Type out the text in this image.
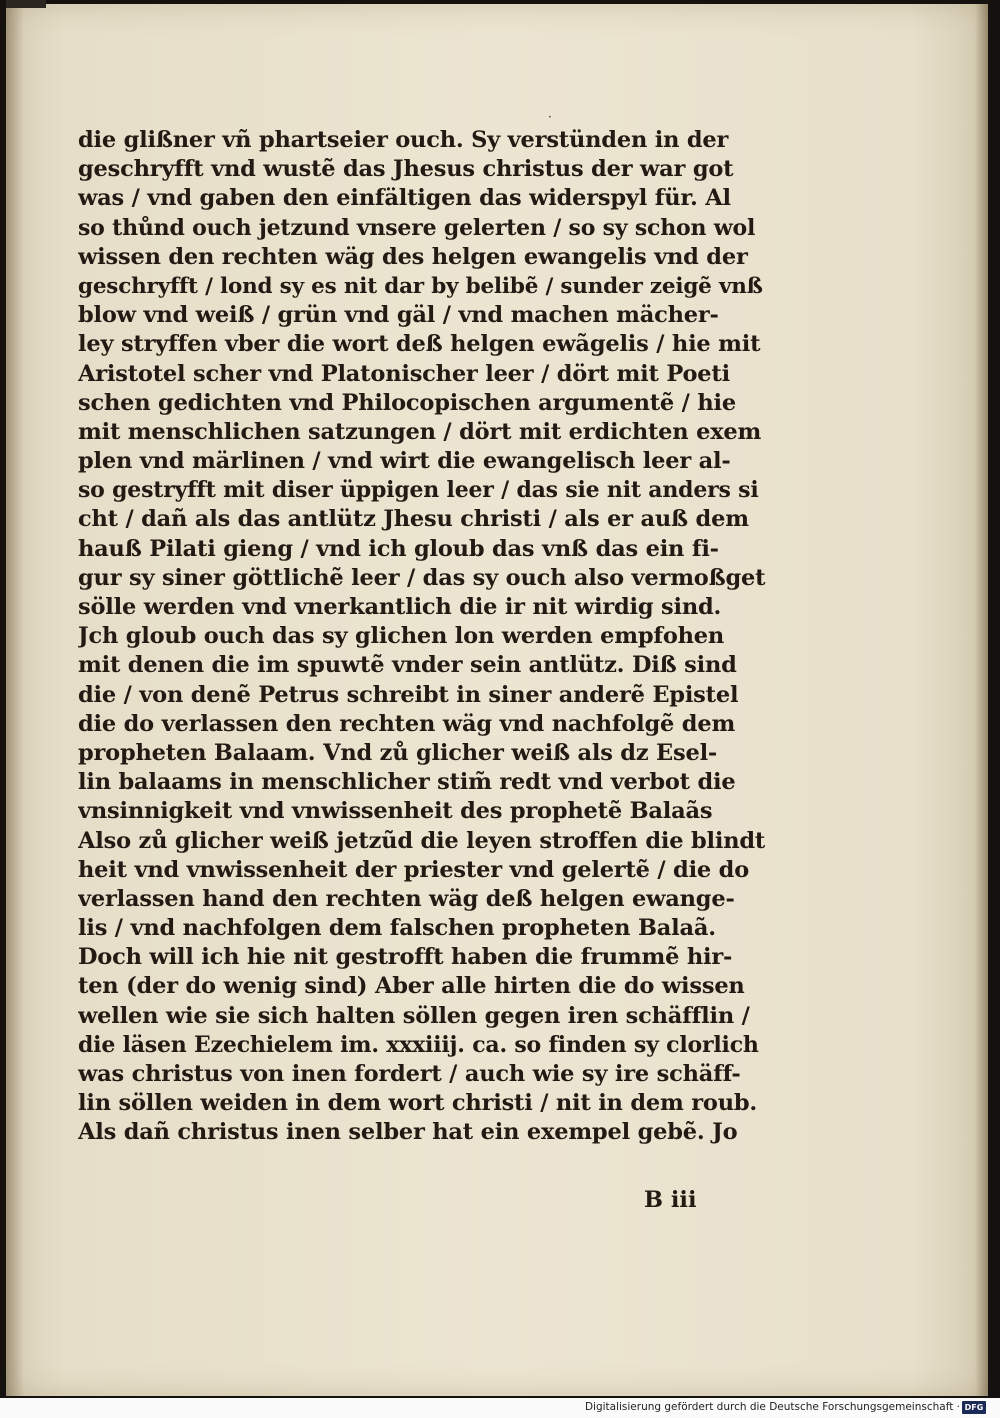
·
die glißner vñ phartseier ouch. Sy verstünden in der
geschryfft vnd wustẽ das Jhesus christus der war got
was / vnd gaben den einfältigen das widerspyl für. Al
so thůnd ouch jetzund vnsere gelerten / so sy schon wol
wissen den rechten wäg des helgen ewangelis vnd der
geschryfft / lond sy es nit dar by belibẽ / sunder zeigẽ vnß
blow vnd weiß / grün vnd gäl / vnd machen mächer-
ley stryffen vber die wort deß helgen ewãgelis / hie mit
Aristotel scher vnd Platonischer leer / dört mit Poeti
schen gedichten vnd Philocopischen argumentẽ / hie
mit menschlichen satzungen / dört mit erdichten exem
plen vnd märlinen / vnd wirt die ewangelisch leer al-
so gestryfft mit diser üppigen leer / das sie nit anders si
cht / dañ als das antlütz Jhesu christi / als er auß dem
hauß Pilati gieng / vnd ich gloub das vnß das ein fi-
gur sy siner göttlichẽ leer / das sy ouch also vermoßget
sölle werden vnd vnerkantlich die ir nit wirdig sind.
Jch gloub ouch das sy glichen lon werden empfohen
mit denen die im spuwtẽ vnder sein antlütz. Diß sind
die / von denẽ Petrus schreibt in siner anderẽ Epistel
die do verlassen den rechten wäg vnd nachfolgẽ dem
propheten Balaam. Vnd zů glicher weiß als dz Esel-
lin balaams in menschlicher stim̃ redt vnd verbot die
vnsinnigkeit vnd vnwissenheit des prophetẽ Balaãs
Also zů glicher weiß jetzũd die leyen stroffen die blindt
heit vnd vnwissenheit der priester vnd gelertẽ / die do
verlassen hand den rechten wäg deß helgen ewange-
lis / vnd nachfolgen dem falschen propheten Balaã.
Doch will ich hie nit gestrofft haben die frummẽ hir-
ten (der do wenig sind) Aber alle hirten die do wissen
wellen wie sie sich halten söllen gegen iren schäfflin /
die läsen Ezechielem im. xxxiiij. ca. so finden sy clorlich
was christus von inen fordert / auch wie sy ire schäff-
lin söllen weiden in dem wort christi / nit in dem roub.
Als dañ christus inen selber hat ein exempel gebẽ. Jo
B iii
Digitalisierung gefördert durch die Deutsche Forschungsgemeinschaft · DFG
